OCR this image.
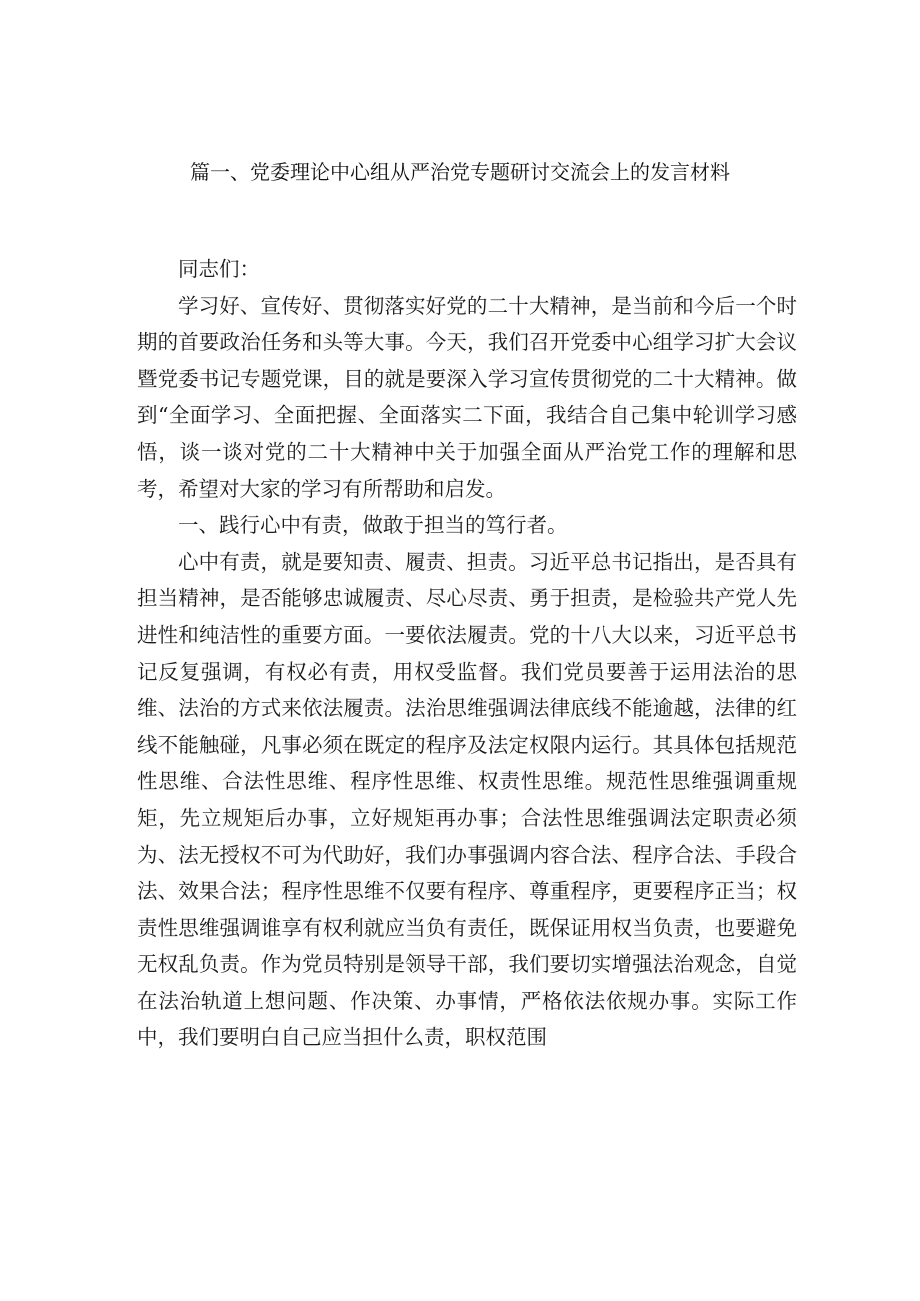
篇一、党委理论中心组从严治党专题研讨交流会上的发言材料

同志们：

学习好、宣传好、贯彻落实好党的二十大精神，是当前和今后一个时期的首要政治任务和头等大事。今天，我们召开党委中心组学习扩大会议暨党委书记专题党课，目的就是要深入学习宣传贯彻党的二十大精神。做到“全面学习、全面把握、全面落实二下面，我结合自己集中轮训学习感悟，谈一谈对党的二十大精神中关于加强全面从严治党工作的理解和思考，希望对大家的学习有所帮助和启发。

一、践行心中有责，做敢于担当的笃行者。

心中有责，就是要知责、履责、担责。习近平总书记指出，是否具有担当精神，是否能够忠诚履责、尽心尽责、勇于担责，是检验共产党人先进性和纯洁性的重要方面。一要依法履责。党的十八大以来，习近平总书记反复强调，有权必有责，用权受监督。我们党员要善于运用法治的思维、法治的方式来依法履责。法治思维强调法律底线不能逾越，法律的红线不能触碰，凡事必须在既定的程序及法定权限内运行。其具体包括规范性思维、合法性思维、程序性思维、权责性思维。规范性思维强调重规矩，先立规矩后办事，立好规矩再办事；合法性思维强调法定职责必须为、法无授权不可为代助好，我们办事强调内容合法、程序合法、手段合法、效果合法；程序性思维不仅要有程序、尊重程序，更要程序正当；权责性思维强调谁享有权利就应当负有责任，既保证用权当负责，也要避免无权乱负责。作为党员特别是领导干部，我们要切实增强法治观念，自觉在法治轨道上想问题、作决策、办事情，严格依法依规办事。实际工作中，我们要明白自己应当担什么责，职权范围
